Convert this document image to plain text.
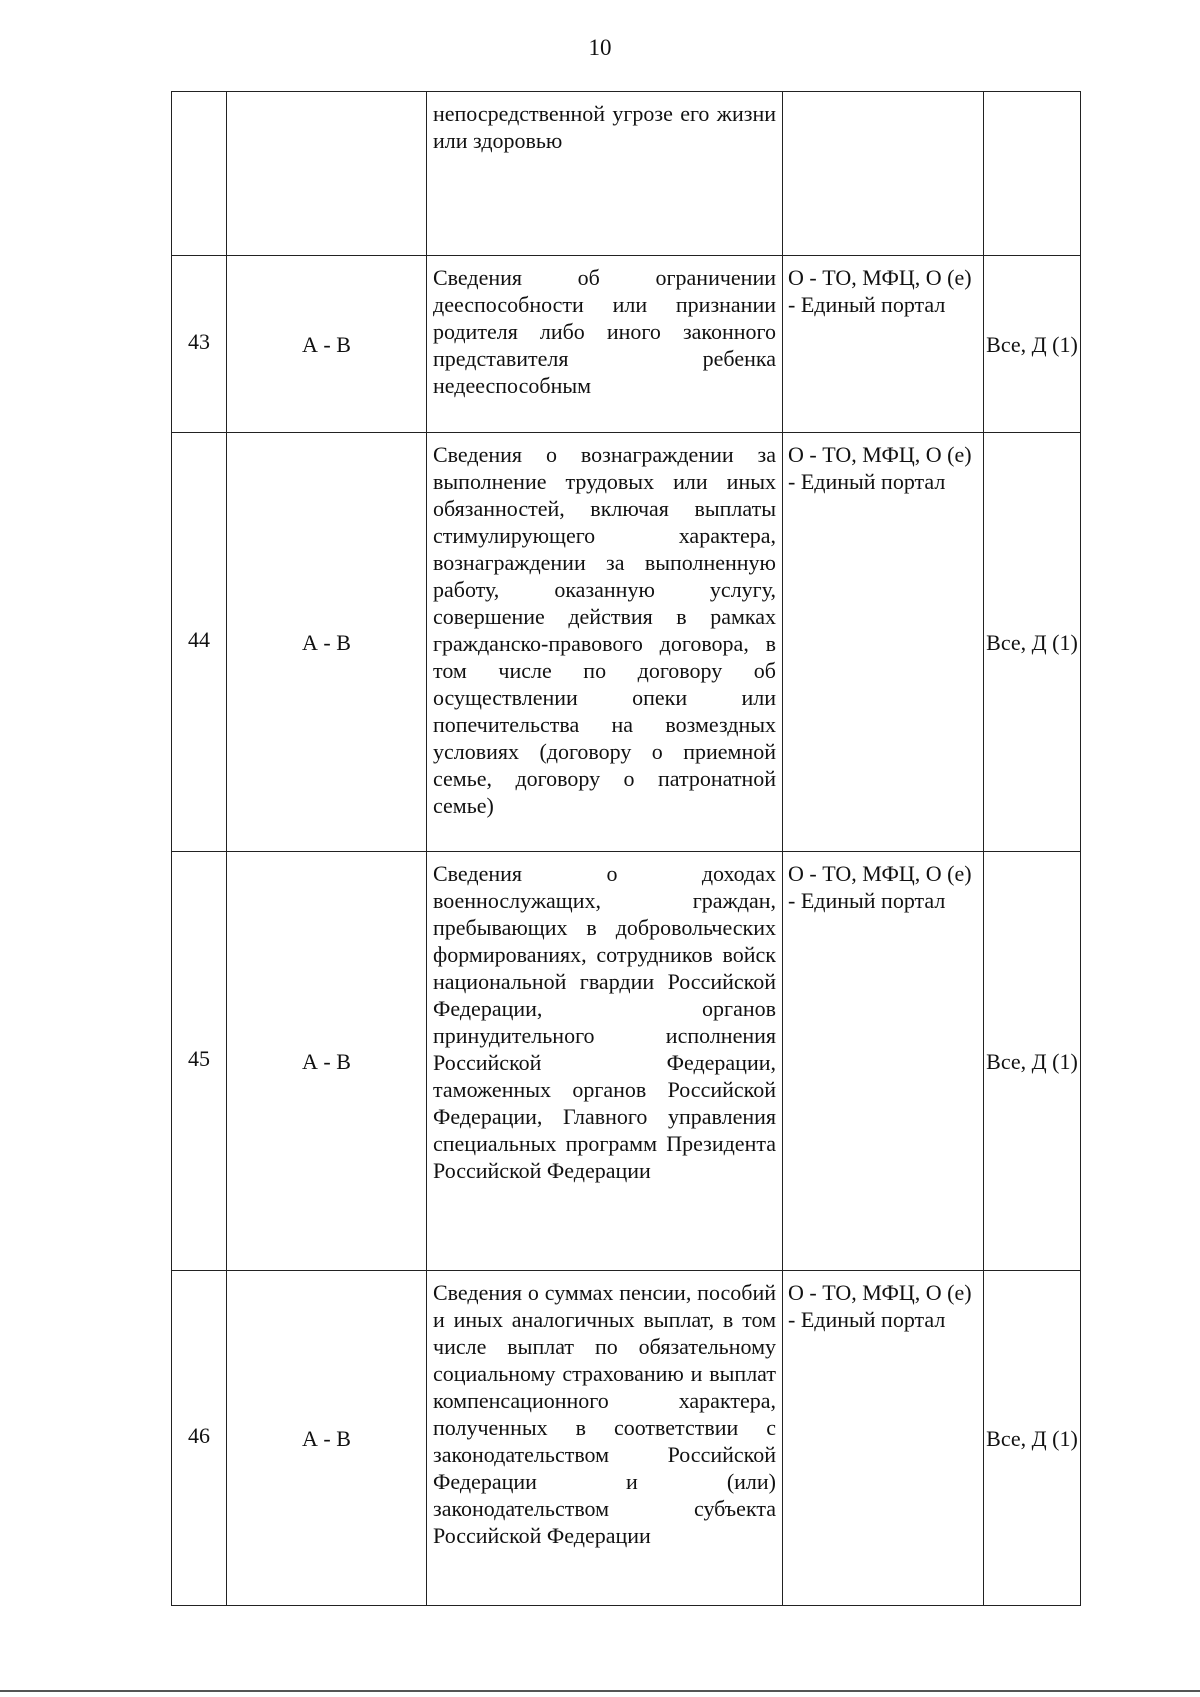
10
		непосредственной угрозе его жизни или здоровью		
43	А - В	Сведения об ограничении дееспособности или признании родителя либо иного законного представителя ребенка недееспособным	О - ТО, МФЦ, О (е) - Единый портал	Все, Д (1)
44	А - В	Сведения о вознаграждении за выполнение трудовых или иных обязанностей, включая выплаты стимулирующего характера, вознаграждении за выполненную работу, оказанную услугу, совершение действия в рамках гражданско-правового договора, в том числе по договору об осуществлении опеки или попечительства на возмездных условиях (договору о приемной семье, договору о патронатной семье)	О - ТО, МФЦ, О (е) - Единый портал	Все, Д (1)
45	А - В	Сведения о доходах военнослужащих, граждан, пребывающих в добровольческих формированиях, сотрудников войск национальной гвардии Российской Федерации, органов принудительного исполнения Российской Федерации, таможенных органов Российской Федерации, Главного управления специальных программ Президента Российской Федерации	О - ТО, МФЦ, О (е) - Единый портал	Все, Д (1)
46	А - В	Сведения о суммах пенсии, пособий и иных аналогичных выплат, в том числе выплат по обязательному социальному страхованию и выплат компенсационного характера, полученных в соответствии с законодательством Российской Федерации и (или) законодательством субъекта Российской Федерации	О - ТО, МФЦ, О (е) - Единый портал	Все, Д (1)
